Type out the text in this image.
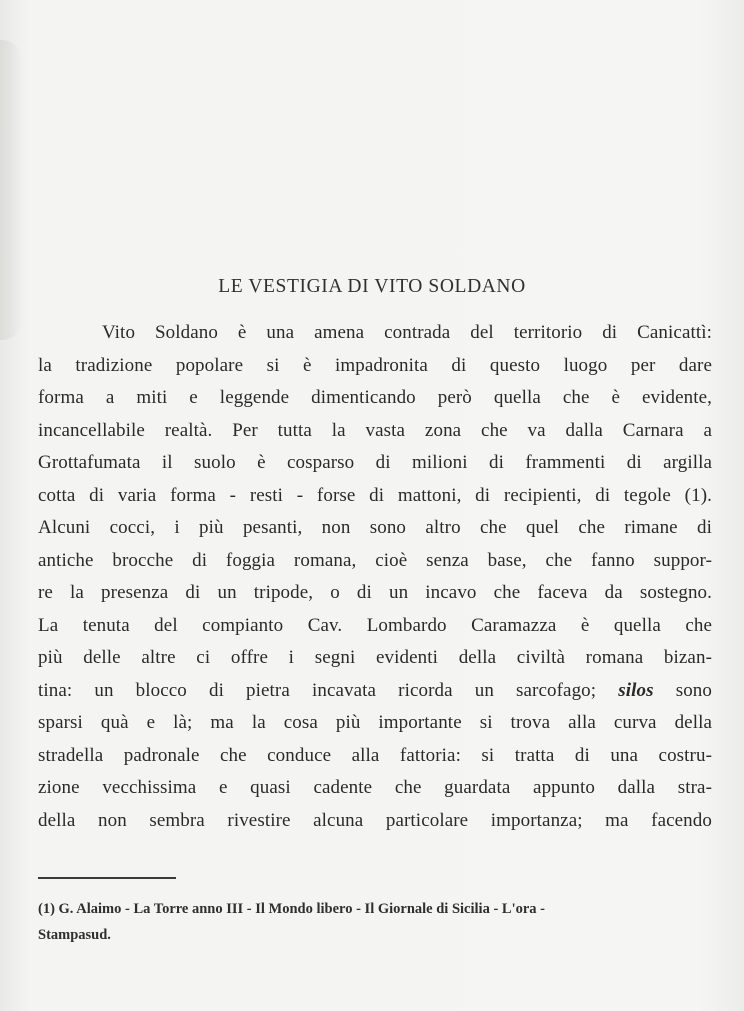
LE VESTIGIA DI VITO SOLDANO
Vito Soldano è una amena contrada del territorio di Canicattì:
la tradizione popolare si è impadronita di questo luogo per dare
forma a miti e leggende dimenticando però quella che è evidente,
incancellabile realtà. Per tutta la vasta zona che va dalla Carnara a
Grottafumata il suolo è cosparso di milioni di frammenti di argilla
cotta di varia forma - resti - forse di mattoni, di recipienti, di tegole (1).
Alcuni cocci, i più pesanti, non sono altro che quel che rimane di
antiche brocche di foggia romana, cioè senza base, che fanno suppor-
re la presenza di un tripode, o di un incavo che faceva da sostegno.
La tenuta del compianto Cav. Lombardo Caramazza è quella che
più delle altre ci offre i segni evidenti della civiltà romana bizan-
tina: un blocco di pietra incavata ricorda un sarcofago; silos sono
sparsi quà e là; ma la cosa più importante si trova alla curva della
stradella padronale che conduce alla fattoria: si tratta di una costru-
zione vecchissima e quasi cadente che guardata appunto dalla stra-
della non sembra rivestire alcuna particolare importanza; ma facendo
(1) G. Alaimo - La Torre anno III - Il Mondo libero - Il Giornale di Sicilia - L'ora -
Stampasud.
